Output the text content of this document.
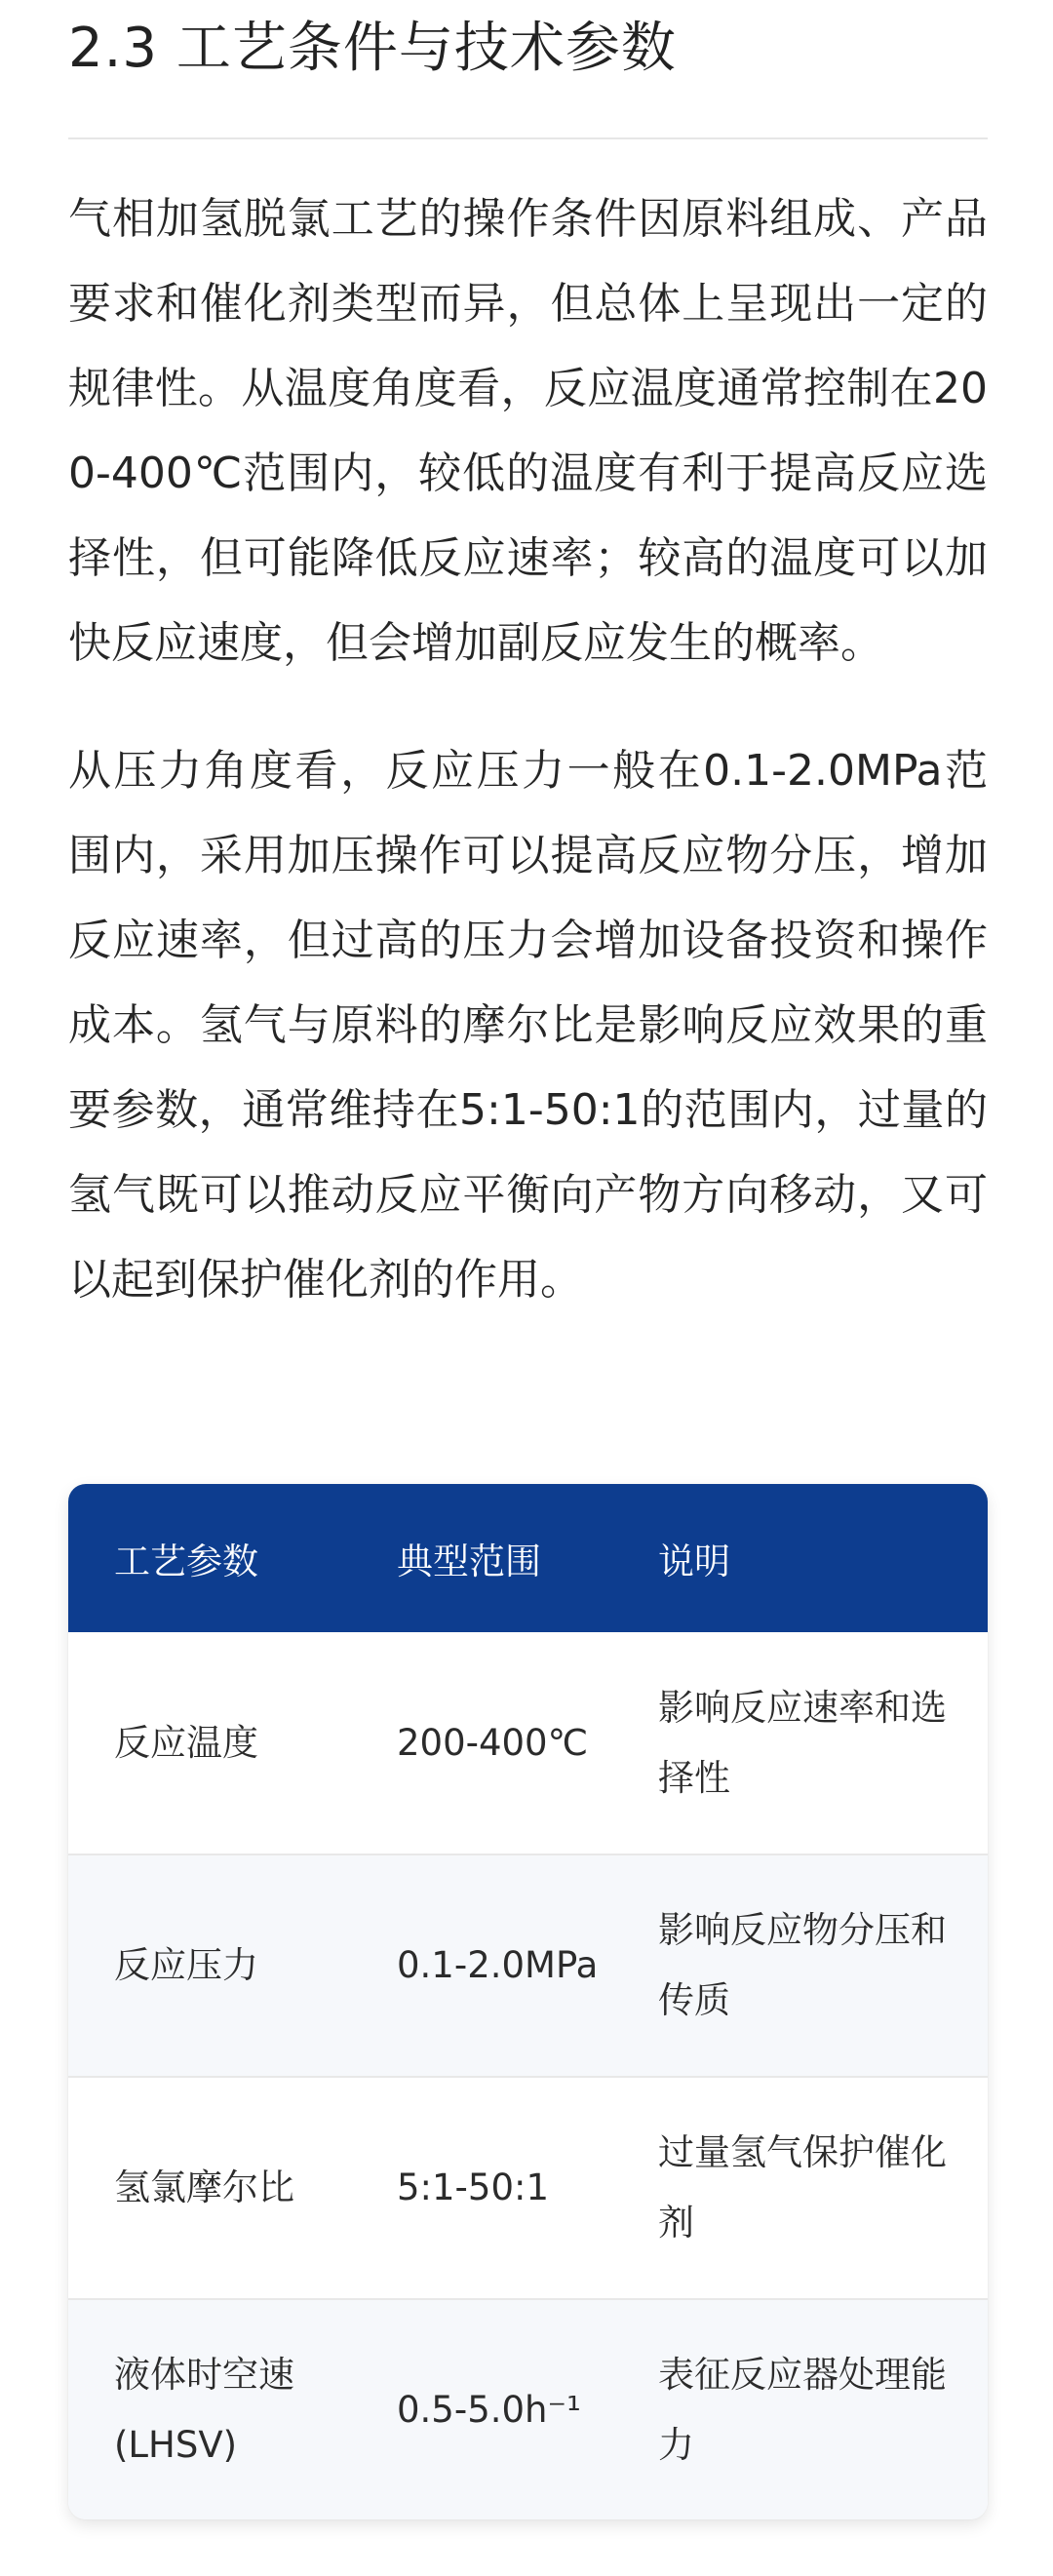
2.3 工艺条件与技术参数

气相加氢脱氯工艺的操作条件因原料组成、产品要求和催化剂类型而异，但总体上呈现出一定的规律性。从温度角度看，反应温度通常控制在200-400℃范围内，较低的温度有利于提高反应选择性，但可能降低反应速率；较高的温度可以加快反应速度，但会增加副反应发生的概率。

从压力角度看，反应压力一般在0.1-2.0MPa范围内，采用加压操作可以提高反应物分压，增加反应速率，但过高的压力会增加设备投资和操作成本。氢气与原料的摩尔比是影响反应效果的重要参数，通常维持在5:1-50:1的范围内，过量的氢气既可以推动反应平衡向产物方向移动，又可以起到保护催化剂的作用。

工艺参数	典型范围	说明
反应温度	200-400℃	影响反应速率和选择性
反应压力	0.1-2.0MPa	影响反应物分压和传质
氢氯摩尔比	5:1-50:1	过量氢气保护催化剂
液体时空速(LHSV)	0.5-5.0h⁻¹	表征反应器处理能力
